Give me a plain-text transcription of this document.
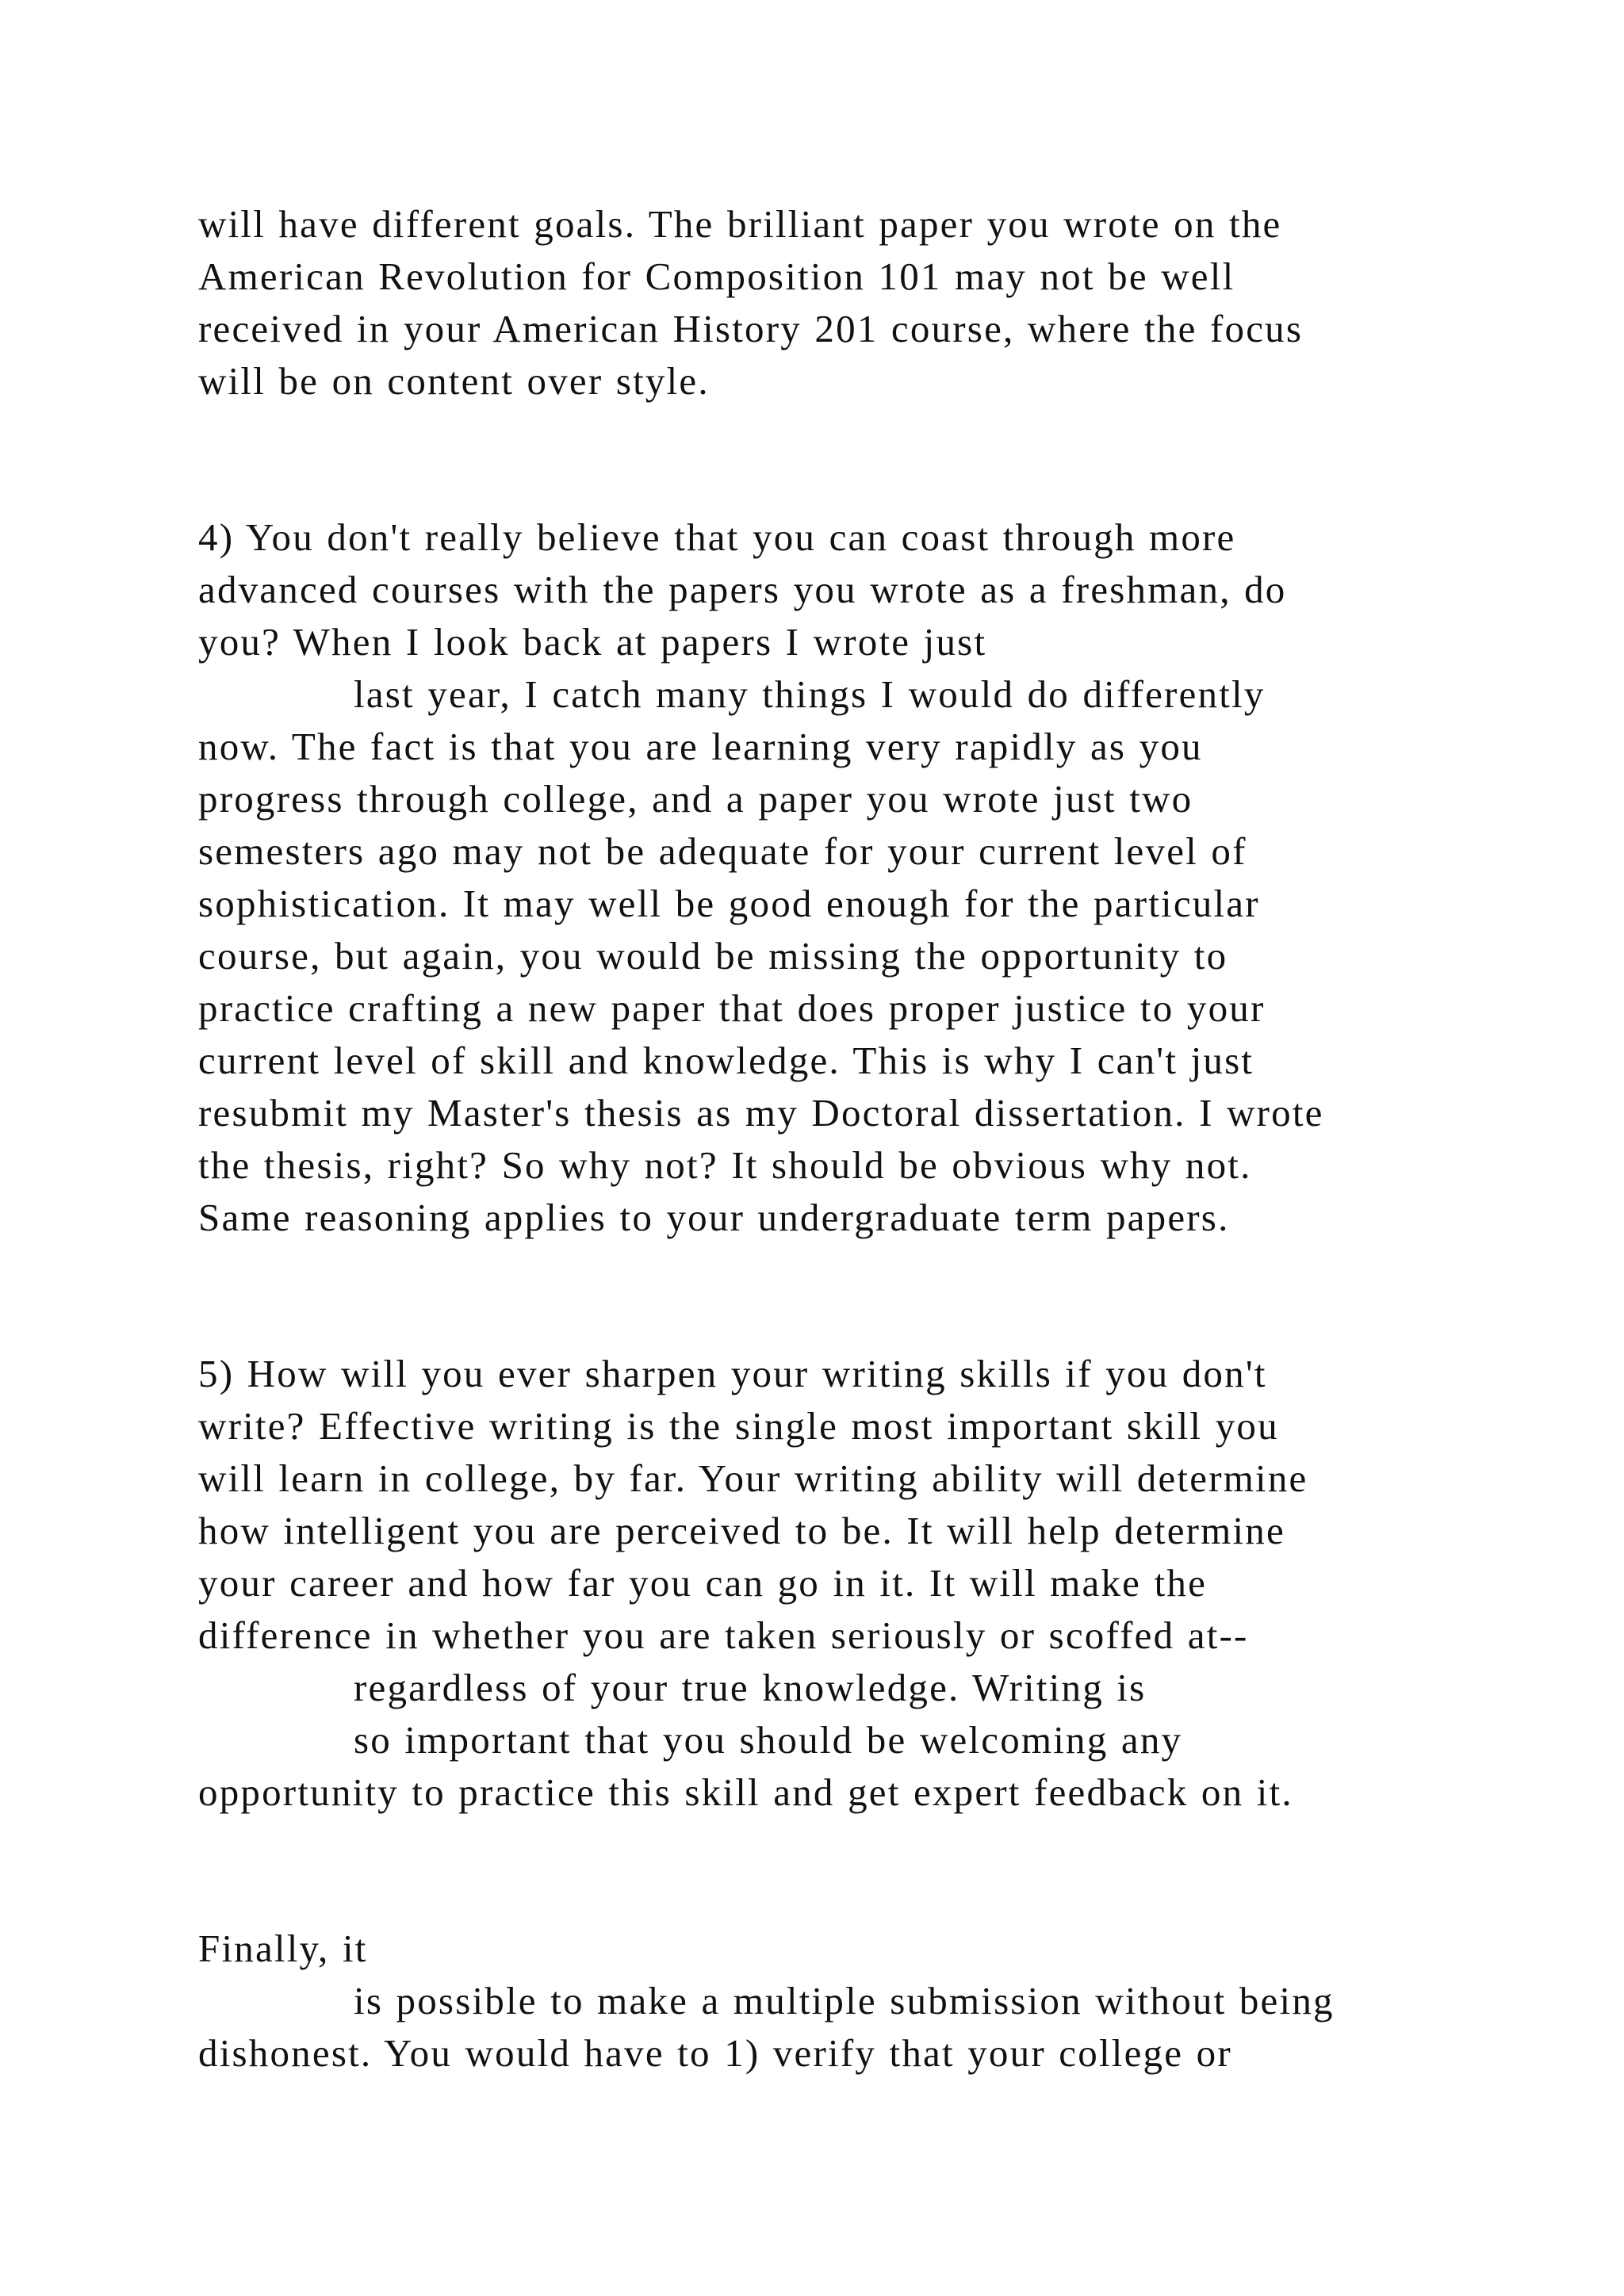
will have different goals. The brilliant paper you wrote on the
American Revolution for Composition 101 may not be well
received in your American History 201 course, where the focus
will be on content over style.
4) You don't really believe that you can coast through more
advanced courses with the papers you wrote as a freshman, do
you? When I look back at papers I wrote just
last year, I catch many things I would do differently
now. The fact is that you are learning very rapidly as you
progress through college, and a paper you wrote just two
semesters ago may not be adequate for your current level of
sophistication. It may well be good enough for the particular
course, but again, you would be missing the opportunity to
practice crafting a new paper that does proper justice to your
current level of skill and knowledge. This is why I can't just
resubmit my Master's thesis as my Doctoral dissertation. I wrote
the thesis, right? So why not? It should be obvious why not.
Same reasoning applies to your undergraduate term papers.
5) How will you ever sharpen your writing skills if you don't
write? Effective writing is the single most important skill you
will learn in college, by far. Your writing ability will determine
how intelligent you are perceived to be. It will help determine
your career and how far you can go in it. It will make the
difference in whether you are taken seriously or scoffed at--
regardless of your true knowledge. Writing is
so important that you should be welcoming any
opportunity to practice this skill and get expert feedback on it.
Finally, it
is possible to make a multiple submission without being
dishonest. You would have to 1) verify that your college or
